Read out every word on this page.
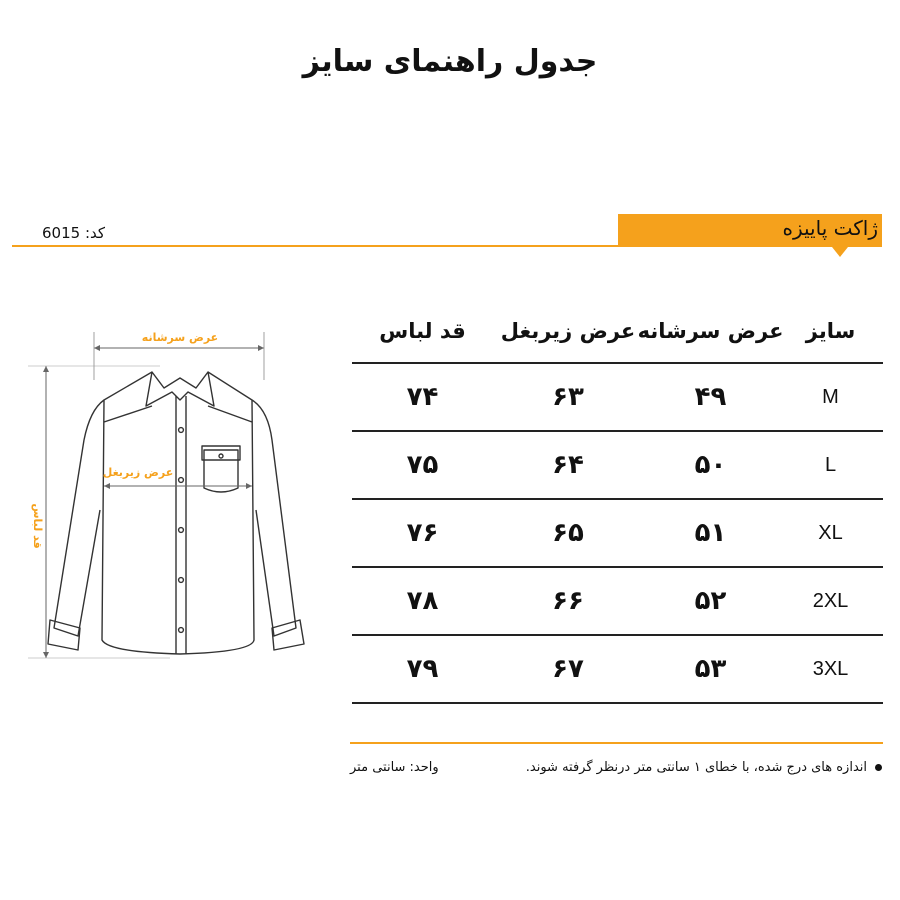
جدول راهنمای سایز
ژاکت پاییزه
کد: 6015
عرض سرشانه
قد لباس
عرض زیربغل
سایز
عرض سرشانه
عرض زیربغل
قد لباس
M
۴۹
۶۳
۷۴
L
۵۰
۶۴
۷۵
XL
۵۱
۶۵
۷۶
2XL
۵۲
۶۶
۷۸
3XL
۵۳
۶۷
۷۹
اندازه های درج شده، با خطای ۱ سانتی متر درنظر گرفته شوند.
واحد: سانتی متر
